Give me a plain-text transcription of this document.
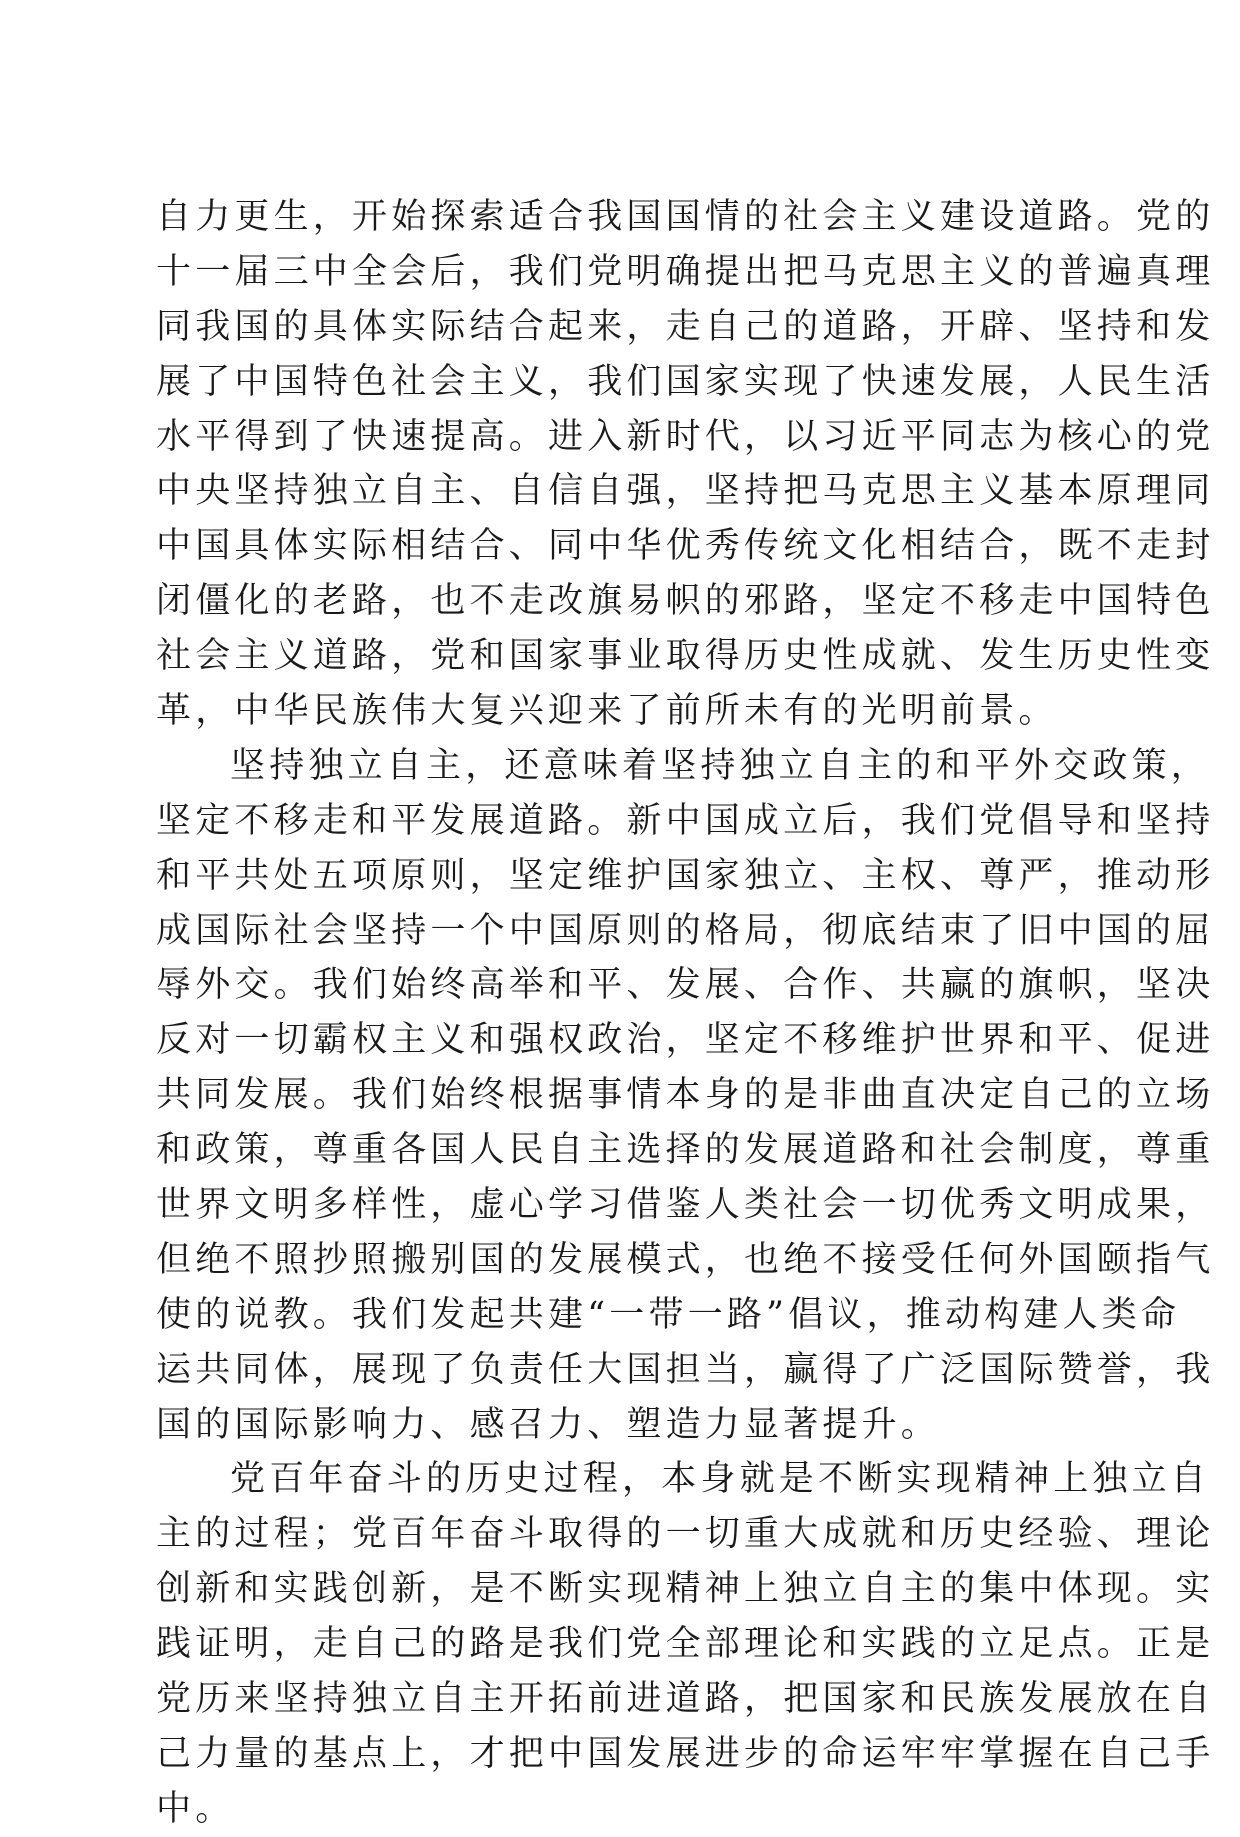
自力更生，开始探索适合我国国情的社会主义建设道路。党的
十一届三中全会后，我们党明确提出把马克思主义的普遍真理
同我国的具体实际结合起来，走自己的道路，开辟、坚持和发
展了中国特色社会主义，我们国家实现了快速发展，人民生活
水平得到了快速提高。进入新时代，以习近平同志为核心的党
中央坚持独立自主、自信自强，坚持把马克思主义基本原理同
中国具体实际相结合、同中华优秀传统文化相结合，既不走封
闭僵化的老路，也不走改旗易帜的邪路，坚定不移走中国特色
社会主义道路，党和国家事业取得历史性成就、发生历史性变
革，中华民族伟大复兴迎来了前所未有的光明前景。
坚持独立自主，还意味着坚持独立自主的和平外交政策，
坚定不移走和平发展道路。新中国成立后，我们党倡导和坚持
和平共处五项原则，坚定维护国家独立、主权、尊严，推动形
成国际社会坚持一个中国原则的格局，彻底结束了旧中国的屈
辱外交。我们始终高举和平、发展、合作、共赢的旗帜，坚决
反对一切霸权主义和强权政治，坚定不移维护世界和平、促进
共同发展。我们始终根据事情本身的是非曲直决定自己的立场
和政策，尊重各国人民自主选择的发展道路和社会制度，尊重
世界文明多样性，虚心学习借鉴人类社会一切优秀文明成果，
但绝不照抄照搬别国的发展模式，也绝不接受任何外国颐指气
使的说教。我们发起共建“一带一路”倡议，推动构建人类命
运共同体，展现了负责任大国担当，赢得了广泛国际赞誉，我
国的国际影响力、感召力、塑造力显著提升。
党百年奋斗的历史过程，本身就是不断实现精神上独立自
主的过程；党百年奋斗取得的一切重大成就和历史经验、理论
创新和实践创新，是不断实现精神上独立自主的集中体现。实
践证明，走自己的路是我们党全部理论和实践的立足点。正是
党历来坚持独立自主开拓前进道路，把国家和民族发展放在自
己力量的基点上，才把中国发展进步的命运牢牢掌握在自己手
中。
